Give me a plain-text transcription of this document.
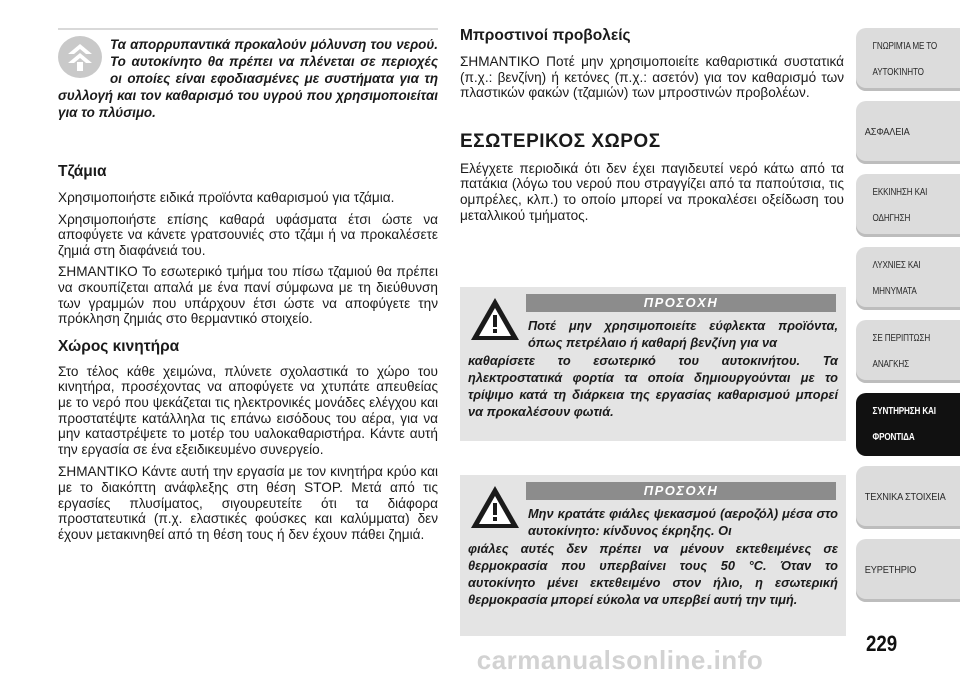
Τα απορρυπαντικά προκαλούν μόλυνση του νερού. Το αυτοκίνητο θα πρέπει να πλένεται σε περιοχές οι οποίες είναι εφοδιασμένες με συστήματα για τη συλλογή και τον καθαρισμό του υγρού που χρησιμοποιείται για το πλύσιμο.

Τζάμια

Χρησιμοποιήστε ειδικά προϊόντα καθαρισμού για τζάμια.

Χρησιμοποιήστε επίσης καθαρά υφάσματα έτσι ώστε να αποφύγετε να κάνετε γρατσουνιές στο τζάμι ή να προκαλέσετε ζημιά στη διαφάνειά του.

ΣΗΜΑΝΤΙΚΟ Το εσωτερικό τμήμα του πίσω τζαμιού θα πρέπει να σκουπίζεται απαλά με ένα πανί σύμφωνα με τη διεύθυνση των γραμμών που υπάρχουν έτσι ώστε να αποφύγετε την πρόκληση ζημιάς στο θερμαντικό στοιχείο.

Χώρος κινητήρα

Στο τέλος κάθε χειμώνα, πλύνετε σχολαστικά το χώρο του κινητήρα, προσέχοντας να αποφύγετε να χτυπάτε απευθείας με το νερό που ψεκάζεται τις ηλεκτρονικές μονάδες ελέγχου και προστατέψτε κατάλληλα τις επάνω εισόδους του αέρα, για να μην καταστρέψετε το μοτέρ του υαλοκαθαριστήρα. Κάντε αυτή την εργασία σε ένα εξειδικευμένο συνεργείο.

ΣΗΜΑΝΤΙΚΟ Κάντε αυτή την εργασία με τον κινητήρα κρύο και με το διακόπτη ανάφλεξης στη θέση STOP. Μετά από τις εργασίες πλυσίματος, σιγουρευτείτε ότι τα διάφορα προστατευτικά (π.χ. ελαστικές φούσκες και καλύμματα) δεν έχουν μετακινηθεί από τη θέση τους ή δεν έχουν πάθει ζημιά.

Μπροστινοί προβολείς

ΣΗΜΑΝΤΙΚΟ Ποτέ μην χρησιμοποιείτε καθαριστικά συστατικά (π.χ.: βενζίνη) ή κετόνες (π.χ.: ασετόν) για τον καθαρισμό των πλαστικών φακών (τζαμιών) των μπροστινών προβολέων.

ΕΣΩΤΕΡΙΚΟΣ ΧΩΡΟΣ

Ελέγχετε περιοδικά ότι δεν έχει παγιδευτεί νερό κάτω από τα πατάκια (λόγω του νερού που στραγγίζει από τα παπούτσια, τις ομπρέλες, κλπ.) το οποίο μπορεί να προκαλέσει οξείδωση του μεταλλικού τμήματος.

ΠΡΟΣΟΧΗ
Ποτέ μην χρησιμοποιείτε εύφλεκτα προϊόντα, όπως πετρέλαιο ή καθαρή βενζίνη για να
καθαρίσετε το εσωτερικό του αυτοκινήτου. Τα ηλεκτροστατικά φορτία τα οποία δημιουργούνται με το τρίψιμο κατά τη διάρκεια της εργασίας καθαρισμού μπορεί να προκαλέσουν φωτιά.
ΠΡΟΣΟΧΗ
Μην κρατάτε φιάλες ψεκασμού (αεροζόλ) μέσα στο αυτοκίνητο: κίνδυνος έκρηξης. Οι
φιάλες αυτές δεν πρέπει να μένουν εκτεθειμένες σε θερμοκρασία που υπερβαίνει τους 50 °C. Όταν το αυτοκίνητο μένει εκτεθειμένο στον ήλιο, η εσωτερική θερμοκρασία μπορεί εύκολα να υπερβεί αυτή την τιμή.
ΓΝΩΡΙΜΊΑ ΜΕ ΤΟ

ΑΥΤΟΚΊΝΗΤΟ
ΑΣΦΑΛΕΙΑ
ΕΚΚΙΝΗΣΗ ΚΑΙ

ΟΔΗΓΗΣΗ
ΛΥΧΝΙΕΣ ΚΑΙ

ΜΗΝΥΜΑΤΑ
ΣΕ ΠΕΡΙΠΤΩΣΗ

ΑΝΑΓΚΗΣ
ΣΥΝΤΗΡΗΣΗ ΚΑΙ

ΦΡΟΝΤΙΔΑ
ΤΕΧΝΙΚΑ ΣΤΟΙΧΕΙΑ
ΕΥΡΕΤΗΡΙΟ
229
carmanualsonline.info
